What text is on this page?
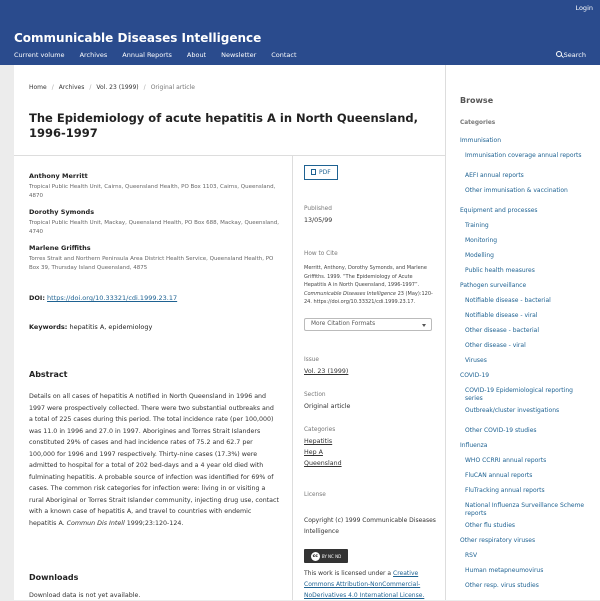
Login
Communicable Diseases Intelligence
Current volume Archives Annual Reports About Newsletter Contact	Search
Home / Archives / Vol. 23 (1999) / Original article
The Epidemiology of acute hepatitis A in North Queensland, 1996-1997
Anthony Merritt
Tropical Public Health Unit, Cairns, Queensland Health, PO Box 1103, Cairns, Queensland, 4870
Dorothy Symonds
Tropical Public Health Unit, Mackay, Queensland Health, PO Box 688, Mackay, Queensland, 4740
Marlene Griffiths
Torres Strait and Northern Peninsula Area District Health Service, Queensland Health, PO Box 39, Thursday Island Queensland, 4875
DOI: https://doi.org/10.33321/cdi.1999.23.17
Keywords: hepatitis A, epidemiology
Abstract
Details on all cases of hepatitis A notified in North Queensland in 1996 and 1997 were prospectively collected. There were two substantial outbreaks and a total of 225 cases during this period. The total incidence rate (per 100,000) was 11.0 in 1996 and 27.0 in 1997. Aborigines and Torres Strait Islanders constituted 29% of cases and had incidence rates of 75.2 and 62.7 per 100,000 for 1996 and 1997 respectively. Thirty-nine cases (17.3%) were admitted to hospital for a total of 202 bed-days and a 4 year old died with fulminating hepatitis. A probable source of infection was identified for 69% of cases. The common risk categories for infection were: living in or visiting a rural Aboriginal or Torres Strait Islander community, injecting drug use, contact with a known case of hepatitis A, and travel to countries with endemic hepatitis A. Commun Dis Intell 1999;23:120-124.
Downloads
Download data is not yet available.
PDF
Published
13/05/99
How to Cite
Merritt, Anthony, Dorothy Symonds, and Marlene Griffiths. 1999. “The Epidemiology of Acute Hepatitis A in North Queensland, 1996-1997”. Communicable Diseases Intelligence 23 (May):120-24. https://doi.org/10.33321/cdi.1999.23.17.
More Citation Formats
Issue
Vol. 23 (1999)
Section
Original article
Categories
Hepatitis
Hep A
Queensland
License
Copyright (c) 1999 Communicable Diseases Intelligence
cc BY NC ND
This work is licensed under a Creative Commons Attribution-NonCommercial-NoDerivatives 4.0 International License.
Browse
Categories
Immunisation
Immunisation coverage annual reports
AEFI annual reports
Other immunisation & vaccination
Equipment and processes
Training
Monitoring
Modelling
Public health measures
Pathogen surveillance
Notifiable disease - bacterial
Notifiable disease - viral
Other disease - bacterial
Other disease - viral
Viruses
COVID-19
COVID-19 Epidemiological reporting series
Outbreak/cluster investigations
Other COVID-19 studies
Influenza
WHO CCRRI annual reports
FluCAN annual reports
FluTracking annual reports
National Influenza Surveillance Scheme reports
Other flu studies
Other respiratory viruses
RSV
Human metapneumovirus
Other resp. virus studies
